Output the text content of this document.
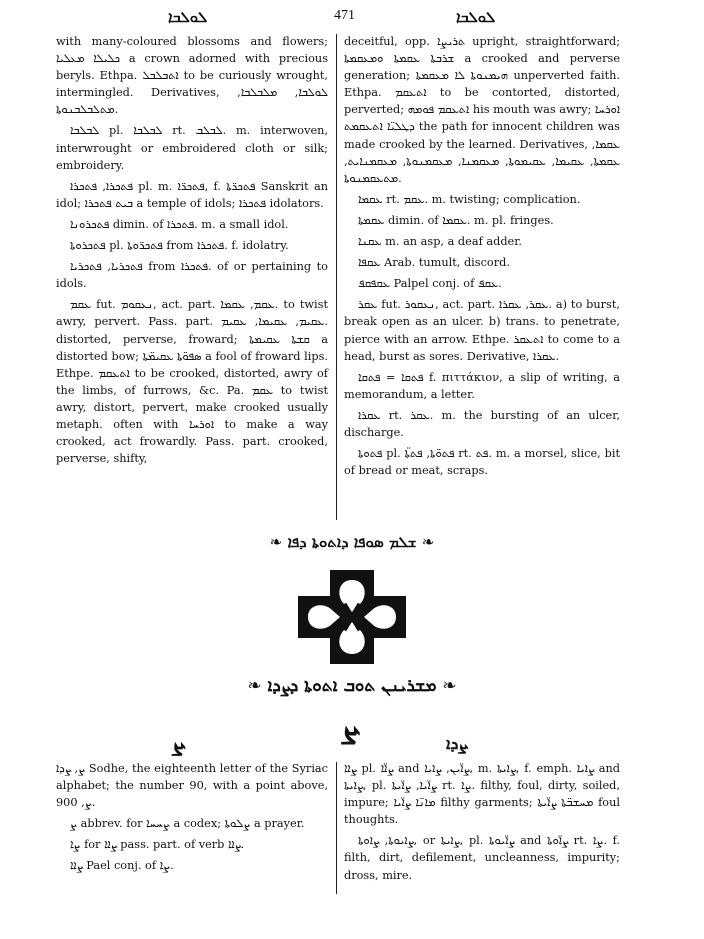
ܠܘܠܒܐ	471	ܠܘܠܒܐ

with many-coloured blossoms and flowers; ܟܠܝܠܐ ܡܥܠܝܐ a crown adorned with precious beryls. Ethpa. ܐܬܒܠܒܠ to be curiously wrought, intermingled. Derivatives, ܠܘܠܒܐ, ܡܠܒܠܒܐ, ܡܬܠܒܠܒܢܘܬܐ.

ܠܒܠܒܐ pl. ܠܒܠܒܐ rt. ܠܒܠܒ. m. interwoven, interwrought or embroidered cloth or silk; embroidery.

ܦܬܟܪܐ, ܦܬܟܪܐ pl. m. ܦܬܟܪ̈ܐ, f. ܦܬܟܪ̈ܬܐ Sanskrit an idol; ܒܝܬ ܦܬܟܪܐ a temple of idols; ܦܬܟܪܐ idolators.

ܦܬܟܪܘܢܐ dimin. of ܦܬܟܪܐ. m. a small idol.

ܦܬܟܪܘܬܐ pl. ܦܬܟܪ̈ܘܬܐ from ܦܬܟܪܐ. f. idolatry.

ܦܬܟܪܝܐ, ܦܬܟܪܝܐ from ܦܬܟܪܐ. of or pertaining to idols.

ܥܩܡ fut. ܢܥܩܘܡ, act. part. ܥܩܡ, ܥܩܡܐ. to twist awry, pervert. Pass. part. ܥܩܝܡ, ܥܩܝܡܐ, ܥܩܝܡ. distorted, perverse, froward; ܩܫܬܐ ܥܩܝܡܬܐ a distorted bow; ܣܦܘ̈ܬܐ ܥܩܝܡ̈ܬܐ a fool of froward lips. Ethpe. ܐܬܥܩܡ to be crooked, distorted, awry of the limbs, of furrows, &c. Pa. ܥܩܡ to twist awry, distort, pervert, make crooked usually metaph. often with ܐܘܪܚܐ to make a way crooked, act frowardly. Pass. part. crooked, perverse, shifty,

deceitful, opp. ܬܪܝܨܐ upright, straightforward; ܫܪܒܬܐ ܥܩܡܬܐ ܘܡܥܩܡܬܐ a crooked and perverse generation; ܗܝܡܢܘܬܐ ܠܐ ܡܥܩܡܬܐ unperverted faith. Ethpa. ܐܬܥܩܡ to be contorted, distorted, perverted; ܐܬܥܩܡ ܦܘܡܗ his mouth was awry; ܐܘܪܚܐ ܕܛܠܝ̈ܐ ܐܬܥܩܡܬ the path for innocent children was made crooked by the learned. Derivatives, ܥܩܡܐ, ܥܩܡܬܐ, ܥܩܝܡܐ, ܥܩܝܡܘܬܐ, ܡܥܩܡܢܐ, ܡܥܩܡܢܘܬܐ, ܡܥܩܡܢܐܝܬ, ܡܬܥܩܡܢܘܬܐ.

ܥܩܡܐ rt. ܥܩܡ. m. twisting; complication.

ܥܩܡܬܐ dimin. of ܥܩܡܐ. m. pl. fringes.

ܥܩܢܐ m. an asp, a deaf adder.

ܥܩܦܐ Arab. tumult, discord.

ܥܩܦܩܦ Palpel conj. of ܥܩܦ.

ܥܩܪ fut. ܢܥܩܘܪ, act. part. ܥܩܪ, ܥܩܪܐ. a) to burst, break open as an ulcer. b) trans. to penetrate, pierce with an arrow. Ethpe. ܐܬܥܩܪ to come to a head, burst as sores. Derivative, ܥܩܪܐ.

ܦܬܩܐ = ܦܬܩܐ f. πιττάκιον, a slip of writing, a memorandum, a letter.

ܥܩܪܐ rt. ܥܩܪ. m. the bursting of an ulcer, discharge.

ܦܬܘܬܐ pl. ܦܬܘ̈ܬܐ, ܦܬܬ̈ܐ rt. ܦܬ. m. a morsel, slice, bit of bread or meat, scraps.

❧ ܫܠܡ ܣܘܦܐ ܕܐܬܘܬܐ ܕܦܐ ❧
❧ ܡܫܪܝܢܢ ܬܘܒ ܐܬܘܬܐ ܕܨܕܐ ❧
ܨ
ܨ	ܨܕܐ

ܨ, ܨܕܐ Sodhe, the eighteenth letter of the Syriac alphabet; the number 90, with a point above, ܨ, 900.

ܨ abbrev. for ܨܚܚܐ a codex; ܨܠܘܬܐ a prayer.

ܨܐ for ܨܐܐ pass. part. of verb ܨܐܐ.

ܨܐܐ Pael conj. of ܨܐ.

ܨܐܐ pl. ܨܐ̈ܐ and ܨܐ̈ܝܢ, ܨܐܝܐ, m. ܨܐܝܬܐ, f. emph. ܨܐܝܐ and ܨܐܝܬܐ, pl. ܨܐ̈ܝܐ, ܨܐ̈ܝܬܐ rt. ܨܐ. filthy, foul, dirty, soiled, impure; ܡܐܢ̈ܐ ܨܐ̈ܝܐ filthy garments; ܡܚܫܒ̈ܬܐ ܨܐ̈ܝܬܐ foul thoughts.

ܨܐܝܘܬܐ, ܨܐܘܬܐ, or ܨܐܝܬܐ, pl. ܨܐ̈ܝܘܬܐ and ܨܐ̈ܘܬܐ rt. ܨܐ. f. filth, dirt, defilement, uncleanness, impurity; dross, mire.
